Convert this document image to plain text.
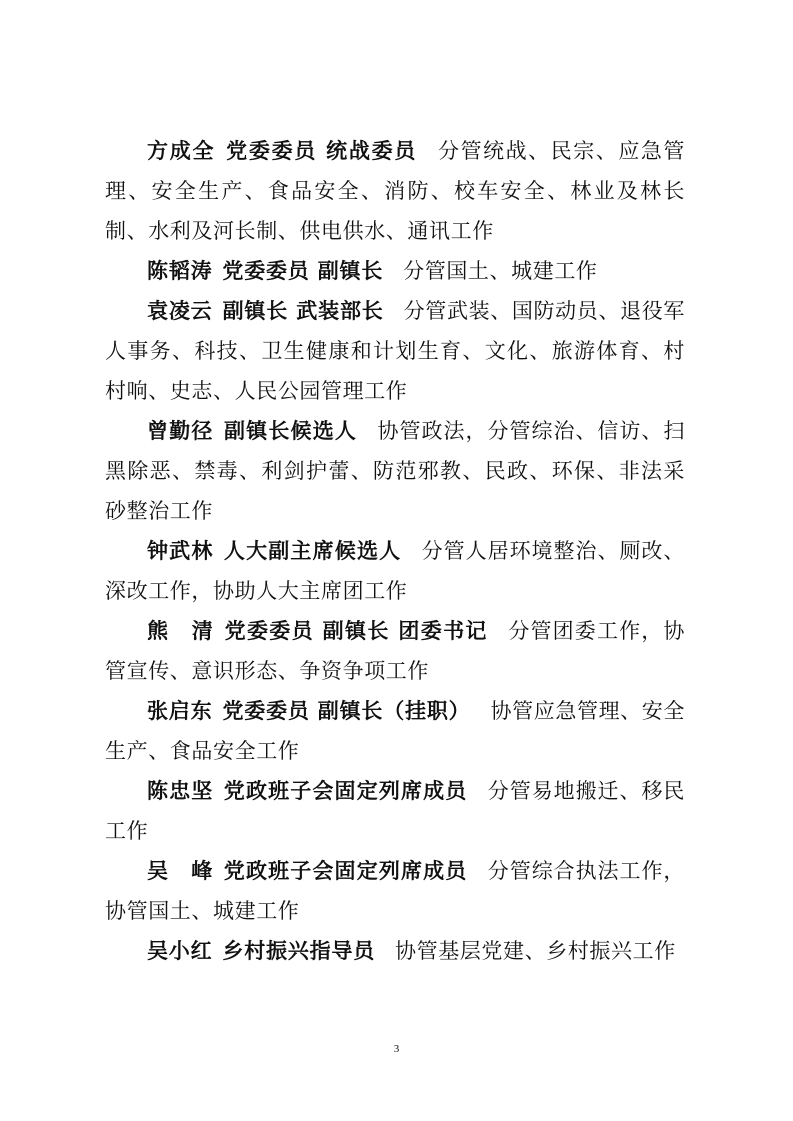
方成全 党委委员 统战委员 分管统战、民宗、应急管理、安全生产、食品安全、消防、校车安全、林业及林长制、水利及河长制、供电供水、通讯工作

陈韬涛 党委委员 副镇长 分管国土、城建工作

袁凌云 副镇长 武装部长 分管武装、国防动员、退役军人事务、科技、卫生健康和计划生育、文化、旅游体育、村村响、史志、人民公园管理工作

曾勤径 副镇长候选人 协管政法，分管综治、信访、扫黑除恶、禁毒、利剑护蕾、防范邪教、民政、环保、非法采砂整治工作

钟武林 人大副主席候选人 分管人居环境整治、厕改、深改工作，协助人大主席团工作

熊　清 党委委员 副镇长 团委书记 分管团委工作，协管宣传、意识形态、争资争项工作

张启东 党委委员 副镇长（挂职） 协管应急管理、安全生产、食品安全工作

陈忠坚 党政班子会固定列席成员 分管易地搬迁、移民工作

吴　峰 党政班子会固定列席成员 分管综合执法工作，协管国土、城建工作

吴小红 乡村振兴指导员 协管基层党建、乡村振兴工作

3
